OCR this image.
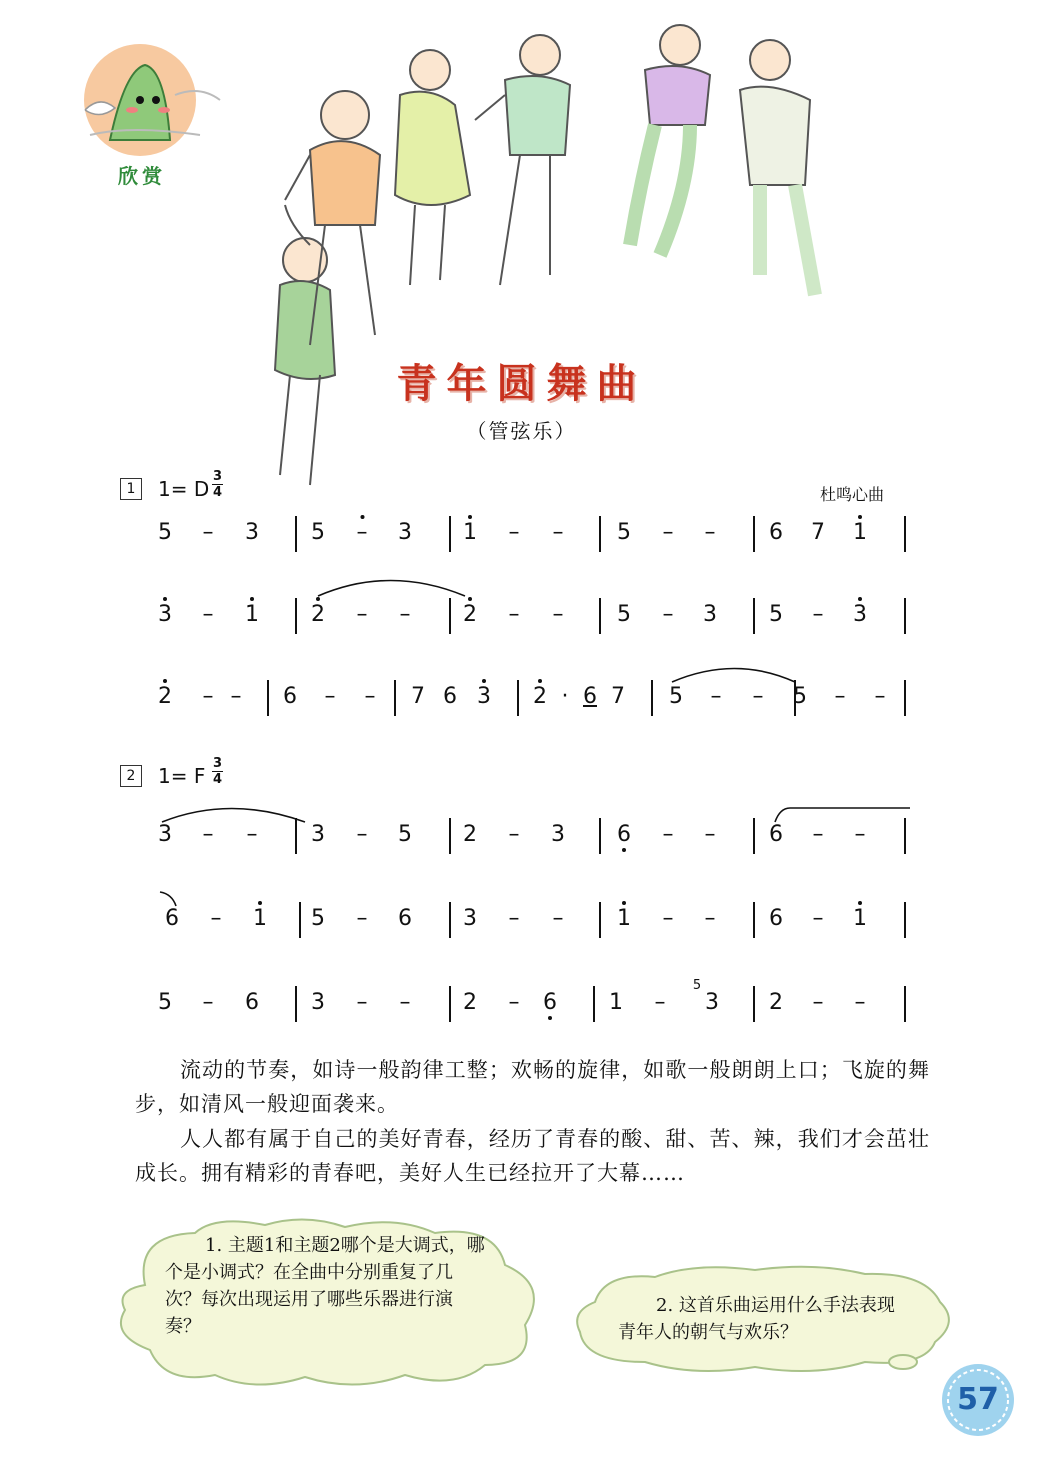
欣赏
青年圆舞曲
（管弦乐）
杜鸣心曲
1	1= D
3
4
2	1= F
3
4
5 – 3 5 – 3 1 – – 5 – – 6 7 1
3 – 1 2 – – 2 – – 5 – 3 5 – 3
2 – – 6 – – 7 6 3 2 · 6 7 5 – – 5 – –
3 – – 3 – 5 2 – 3 6 – – 6 – –
6 – 1 5 – 6 3 – – 1 – – 6 – 1
5 – 6 3 – – 2 – 6 1 –
5
3 2 – –
流动的节奏，如诗一般韵律工整；欢畅的旋律，如歌一般朗朗上口；飞旋的舞步，如清风一般迎面袭来。
人人都有属于自己的美好青春，经历了青春的酸、甜、苦、辣，我们才会茁壮成长。拥有精彩的青春吧，美好人生已经拉开了大幕……
1. 主题1和主题2哪个是大调式，哪个是小调式？在全曲中分别重复了几次？每次出现运用了哪些乐器进行演奏？
2. 这首乐曲运用什么手法表现青年人的朝气与欢乐？
57
